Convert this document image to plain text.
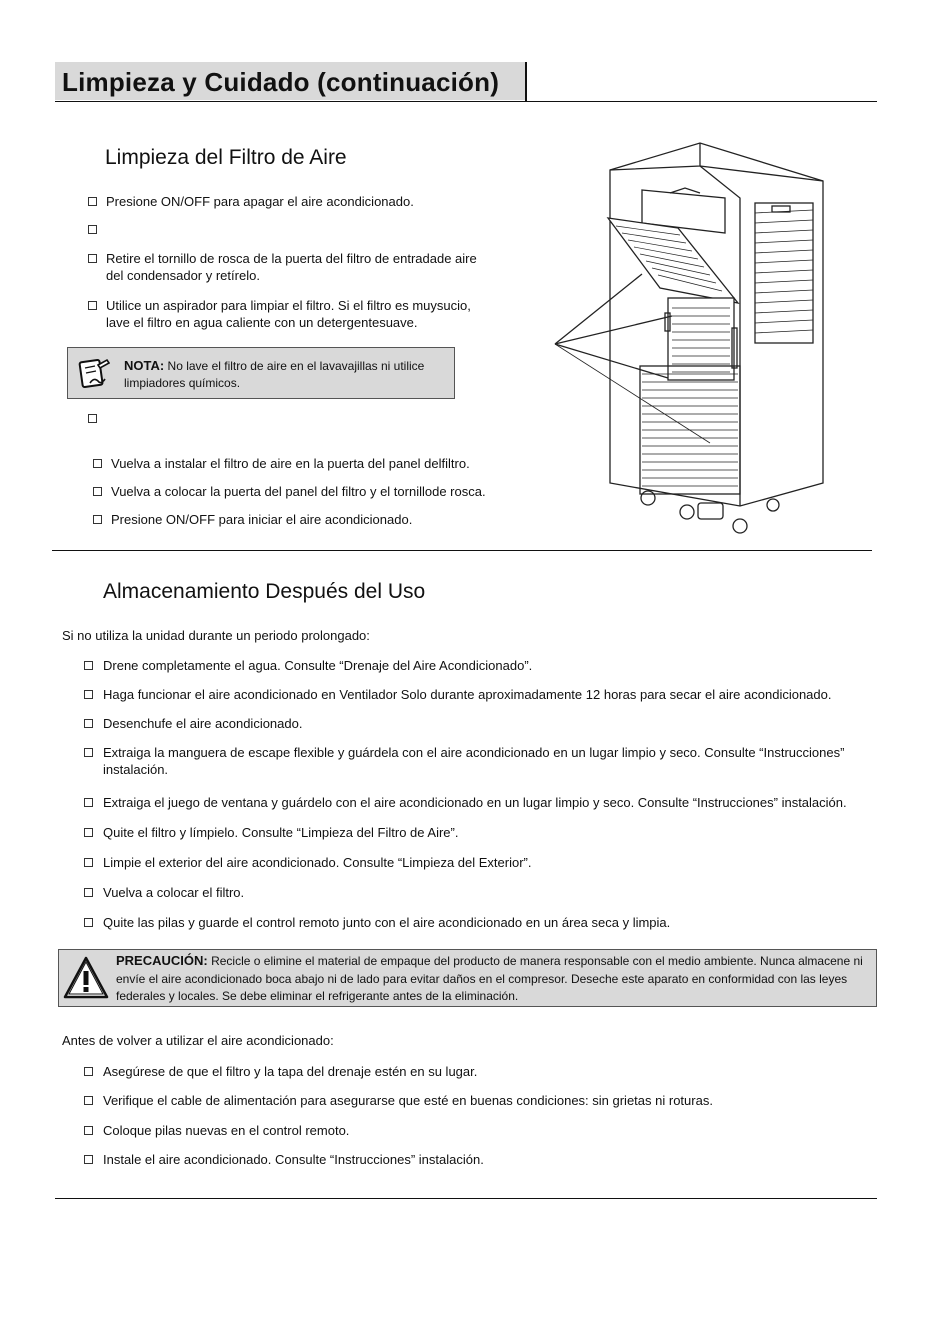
Limpieza y Cuidado (continuación)
Limpieza del Filtro de Aire
Presione ON/OFF para apagar el aire acondicionado.
Retire el tornillo de rosca de la puerta del filtro de entradade aire del condensador y retírelo.
Utilice un aspirador para limpiar el filtro. Si el filtro es muysucio, lave el filtro en agua caliente con un detergentesuave.
NOTA: No lave el filtro de aire en el lavavajillas ni utilice limpiadores químicos.
Vuelva a instalar el filtro de aire en la puerta del panel delfiltro.
Vuelva a colocar la puerta del panel del filtro y el tornillode rosca.
Presione ON/OFF para iniciar el aire acondicionado.
Almacenamiento Después del Uso
Si no utiliza la unidad durante un periodo prolongado:
Drene completamente el agua. Consulte “Drenaje del Aire Acondicionado”.
Haga funcionar el aire acondicionado en Ventilador Solo durante aproximadamente 12 horas para secar el aire acondicionado.
Desenchufe el aire acondicionado.
Extraiga la manguera de escape flexible y guárdela con el aire acondicionado en un lugar limpio y seco. Consulte “Instrucciones” instalación.
Extraiga el juego de ventana y guárdelo con el aire acondicionado en un lugar limpio y seco. Consulte “Instrucciones” instalación.
Quite el filtro y límpielo. Consulte “Limpieza del Filtro de Aire”.
Limpie el exterior del aire acondicionado. Consulte “Limpieza del Exterior”.
Vuelva a colocar el filtro.
Quite las pilas y guarde el control remoto junto con el aire acondicionado en un área seca y limpia.
PRECAUCIÓN: Recicle o elimine el material de empaque del producto de manera responsable con el medio ambiente. Nunca almacene ni envíe el aire acondicionado boca abajo ni de lado para evitar daños en el compresor. Deseche este aparato en conformidad con las leyes federales y locales. Se debe eliminar el refrigerante antes de la eliminación.
Antes de volver a utilizar el aire acondicionado:
Asegúrese de que el filtro y la tapa del drenaje estén en su lugar.
Verifique el cable de alimentación para asegurarse que esté en buenas condiciones: sin grietas ni roturas.
Coloque pilas nuevas en el control remoto.
Instale el aire acondicionado. Consulte “Instrucciones” instalación.
